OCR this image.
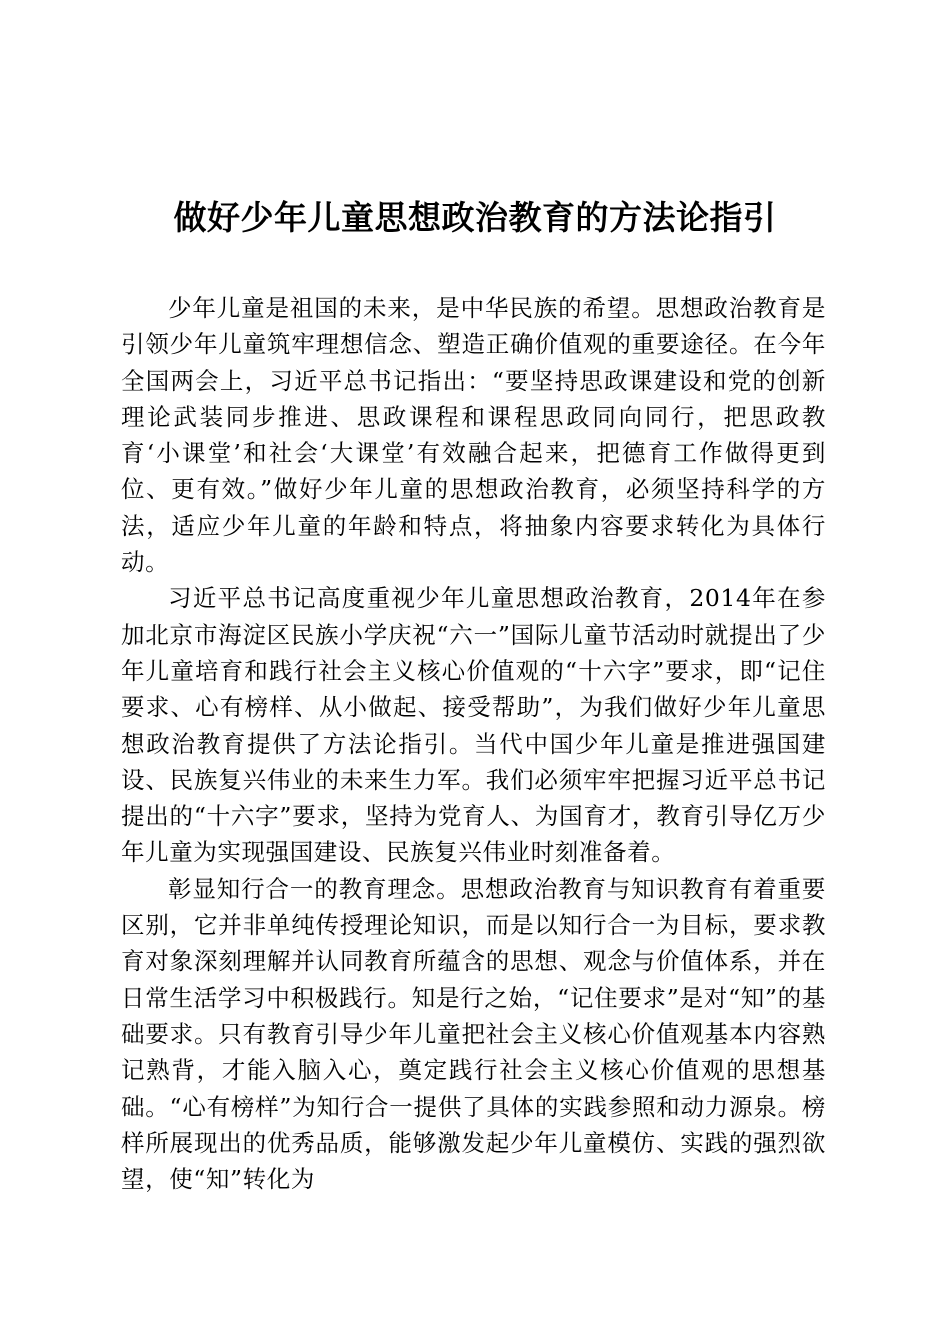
做好少年儿童思想政治教育的方法论指引

少年儿童是祖国的未来，是中华民族的希望。思想政治教育是引领少年儿童筑牢理想信念、塑造正确价值观的重要途径。在今年全国两会上，习近平总书记指出：“要坚持思政课建设和党的创新理论武装同步推进、思政课程和课程思政同向同行，把思政教育‘小课堂’和社会‘大课堂’有效融合起来，把德育工作做得更到位、更有效。”做好少年儿童的思想政治教育，必须坚持科学的方法，适应少年儿童的年龄和特点，将抽象内容要求转化为具体行动。

习近平总书记高度重视少年儿童思想政治教育，2014年在参加北京市海淀区民族小学庆祝“六一”国际儿童节活动时就提出了少年儿童培育和践行社会主义核心价值观的“十六字”要求，即“记住要求、心有榜样、从小做起、接受帮助”，为我们做好少年儿童思想政治教育提供了方法论指引。当代中国少年儿童是推进强国建设、民族复兴伟业的未来生力军。我们必须牢牢把握习近平总书记提出的“十六字”要求，坚持为党育人、为国育才，教育引导亿万少年儿童为实现强国建设、民族复兴伟业时刻准备着。

彰显知行合一的教育理念。思想政治教育与知识教育有着重要区别，它并非单纯传授理论知识，而是以知行合一为目标，要求教育对象深刻理解并认同教育所蕴含的思想、观念与价值体系，并在日常生活学习中积极践行。知是行之始，“记住要求”是对“知”的基础要求。只有教育引导少年儿童把社会主义核心价值观基本内容熟记熟背，才能入脑入心，奠定践行社会主义核心价值观的思想基础。“心有榜样”为知行合一提供了具体的实践参照和动力源泉。榜样所展现出的优秀品质，能够激发起少年儿童模仿、实践的强烈欲望，使“知”转化为
